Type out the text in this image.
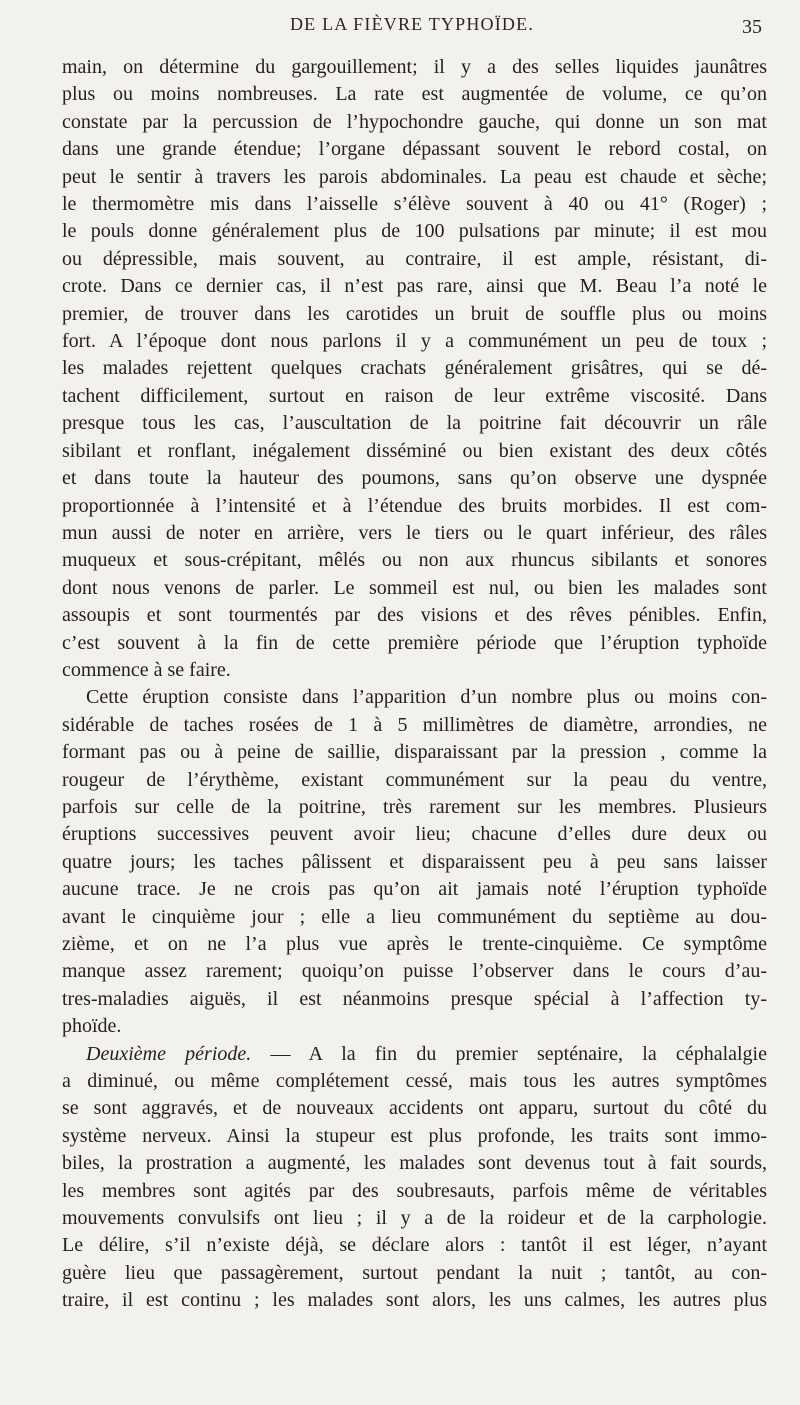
DE LA FIÈVRE TYPHOÏDE.	35
main, on détermine du gargouillement; il y a des selles liquides jaunâtres
plus ou moins nombreuses. La rate est augmentée de volume, ce qu’on
constate par la percussion de l’hypochondre gauche, qui donne un son mat
dans une grande étendue; l’organe dépassant souvent le rebord costal, on
peut le sentir à travers les parois abdominales. La peau est chaude et sèche;
le thermomètre mis dans l’aisselle s’élève souvent à 40 ou 41° (Roger) ;
le pouls donne généralement plus de 100 pulsations par minute; il est mou
ou dépressible, mais souvent, au contraire, il est ample, résistant, di-
crote. Dans ce dernier cas, il n’est pas rare, ainsi que M. Beau l’a noté le
premier, de trouver dans les carotides un bruit de souffle plus ou moins
fort. A l’époque dont nous parlons il y a communément un peu de toux ;
les malades rejettent quelques crachats généralement grisâtres, qui se dé-
tachent difficilement, surtout en raison de leur extrême viscosité. Dans
presque tous les cas, l’auscultation de la poitrine fait découvrir un râle
sibilant et ronflant, inégalement disséminé ou bien existant des deux côtés
et dans toute la hauteur des poumons, sans qu’on observe une dyspnée
proportionnée à l’intensité et à l’étendue des bruits morbides. Il est com-
mun aussi de noter en arrière, vers le tiers ou le quart inférieur, des râles
muqueux et sous-crépitant, mêlés ou non aux rhuncus sibilants et sonores
dont nous venons de parler. Le sommeil est nul, ou bien les malades sont
assoupis et sont tourmentés par des visions et des rêves pénibles. Enfin,
c’est souvent à la fin de cette première période que l’éruption typhoïde
commence à se faire.
Cette éruption consiste dans l’apparition d’un nombre plus ou moins con-
sidérable de taches rosées de 1 à 5 millimètres de diamètre, arrondies, ne
formant pas ou à peine de saillie, disparaissant par la pression , comme la
rougeur de l’érythème, existant communément sur la peau du ventre,
parfois sur celle de la poitrine, très rarement sur les membres. Plusieurs
éruptions successives peuvent avoir lieu; chacune d’elles dure deux ou
quatre jours; les taches pâlissent et disparaissent peu à peu sans laisser
aucune trace. Je ne crois pas qu’on ait jamais noté l’éruption typhoïde
avant le cinquième jour ; elle a lieu communément du septième au dou-
zième, et on ne l’a plus vue après le trente-cinquième. Ce symptôme
manque assez rarement; quoiqu’on puisse l’observer dans le cours d’au-
tres-maladies aiguës, il est néanmoins presque spécial à l’affection ty-
phoïde.
Deuxième période. — A la fin du premier septénaire, la céphalalgie
a diminué, ou même complétement cessé, mais tous les autres symptômes
se sont aggravés, et de nouveaux accidents ont apparu, surtout du côté du
système nerveux. Ainsi la stupeur est plus profonde, les traits sont immo-
biles, la prostration a augmenté, les malades sont devenus tout à fait sourds,
les membres sont agités par des soubresauts, parfois même de véritables
mouvements convulsifs ont lieu ; il y a de la roideur et de la carphologie.
Le délire, s’il n’existe déjà, se déclare alors : tantôt il est léger, n’ayant
guère lieu que passagèrement, surtout pendant la nuit ; tantôt, au con-
traire, il est continu ; les malades sont alors, les uns calmes, les autres plus
